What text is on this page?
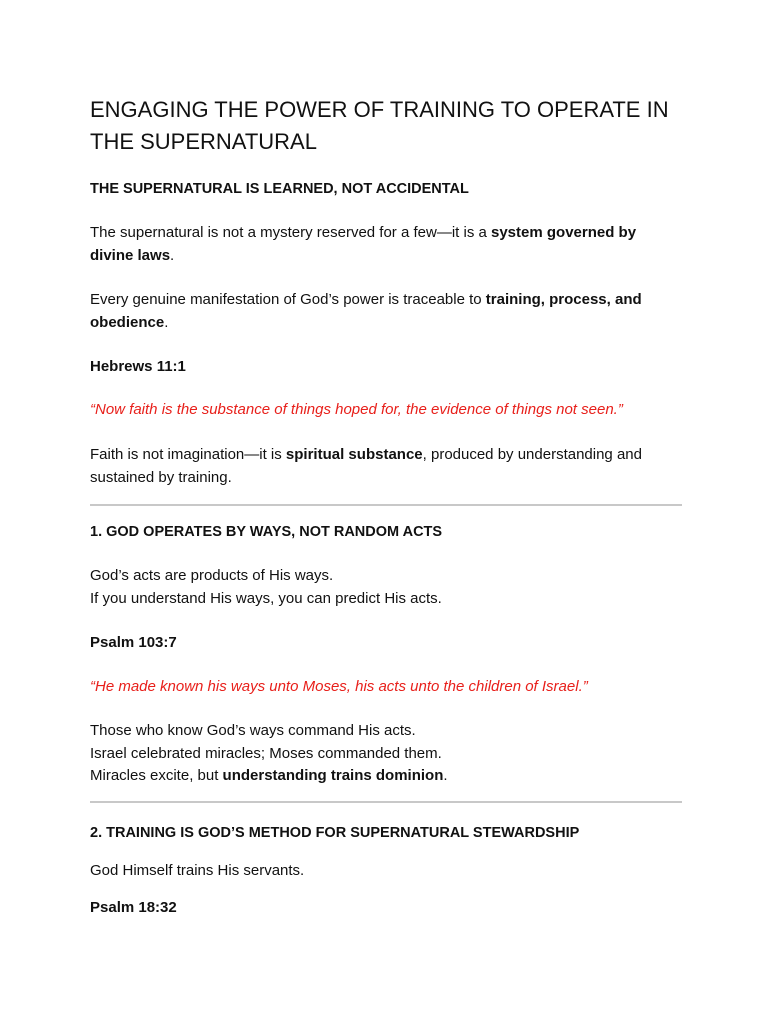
ENGAGING THE POWER OF TRAINING TO OPERATE IN THE SUPERNATURAL
THE SUPERNATURAL IS LEARNED, NOT ACCIDENTAL

The supernatural is not a mystery reserved for a few—it is a system governed by divine laws.

Every genuine manifestation of God’s power is traceable to training, process, and obedience.

Hebrews 11:1

“Now faith is the substance of things hoped for, the evidence of things not seen.”

Faith is not imagination—it is spiritual substance, produced by understanding and sustained by training.

1. GOD OPERATES BY WAYS, NOT RANDOM ACTS

God’s acts are products of His ways.
If you understand His ways, you can predict His acts.

Psalm 103:7

“He made known his ways unto Moses, his acts unto the children of Israel.”

Those who know God’s ways command His acts.
Israel celebrated miracles; Moses commanded them.
Miracles excite, but understanding trains dominion.

2. TRAINING IS GOD’S METHOD FOR SUPERNATURAL STEWARDSHIP

God Himself trains His servants.

Psalm 18:32
